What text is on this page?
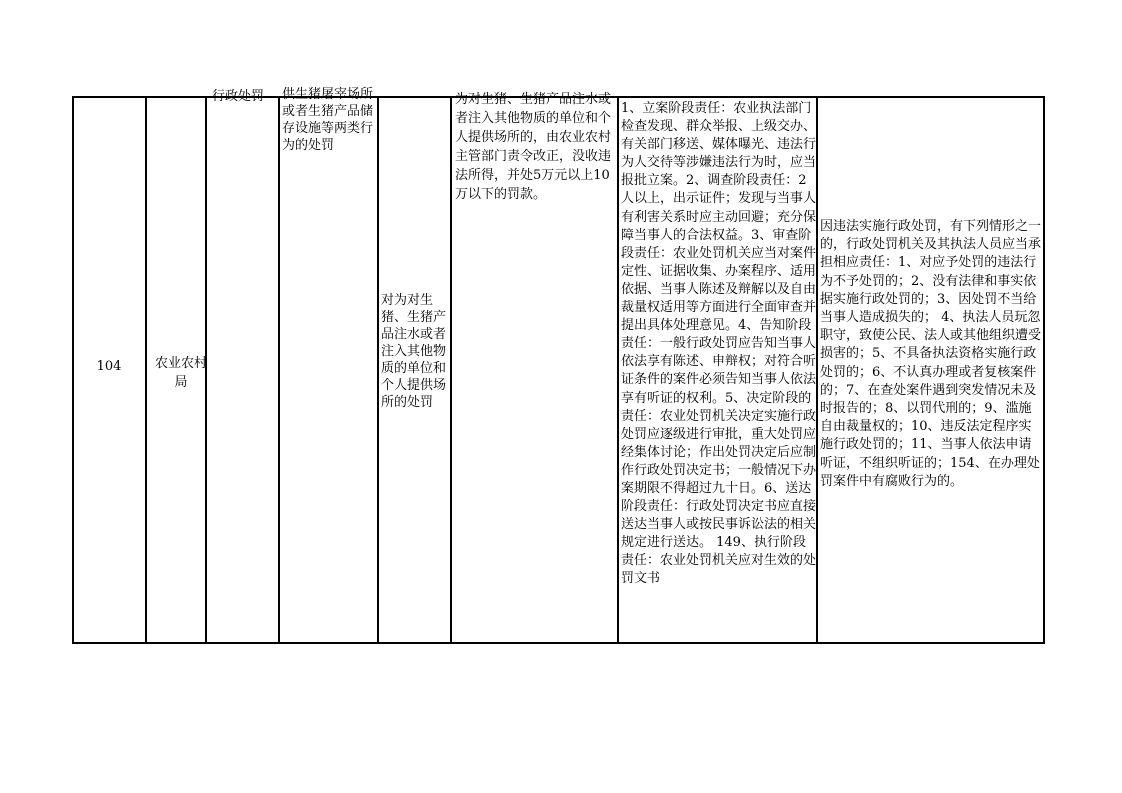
104	农业农村局
行政处罚	供生猪屠宰场所或者生猪产品储存设施等两类行为的处罚
对为对生猪、生猪产品注水或者注入其他物质的单位和个人提供场所的处罚
为对生猪、生猪产品注水或者注入其他物质的单位和个人提供场所的，由农业农村主管部门责令改正，没收违法所得，并处5万元以上10万以下的罚款。
1、立案阶段责任：农业执法部门检查发现、群众举报、上级交办、有关部门移送、媒体曝光、违法行为人交待等涉嫌违法行为时，应当报批立案。2、调查阶段责任：2人以上，出示证件；发现与当事人有利害关系时应主动回避；充分保障当事人的合法权益。3、审查阶段责任：农业处罚机关应当对案件定性、证据收集、办案程序、适用依据、当事人陈述及辩解以及自由裁量权适用等方面进行全面审查并提出具体处理意见。4、告知阶段责任：一般行政处罚应告知当事人依法享有陈述、申辩权；对符合听证条件的案件必须告知当事人依法享有听证的权利。5、决定阶段的责任：农业处罚机关决定实施行政处罚应逐级进行审批，重大处罚应经集体讨论；作出处罚决定后应制作行政处罚决定书；一般情况下办案期限不得超过九十日。6、送达阶段责任：行政处罚决定书应直接送达当事人或按民事诉讼法的相关规定进行送达。 149、执行阶段责任：农业处罚机关应对生效的处罚文书
因违法实施行政处罚，有下列情形之一的，行政处罚机关及其执法人员应当承担相应责任：1、对应予处罚的违法行为不予处罚的；2、没有法律和事实依据实施行政处罚的；3、因处罚不当给当事人造成损失的； 4、执法人员玩忽职守，致使公民、法人或其他组织遭受损害的；5、不具备执法资格实施行政处罚的；6、不认真办理或者复核案件的；7、在查处案件遇到突发情况未及时报告的；8、以罚代刑的；9、滥施自由裁量权的；10、违反法定程序实施行政处罚的；11、当事人依法申请听证，不组织听证的；154、在办理处罚案件中有腐败行为的。
